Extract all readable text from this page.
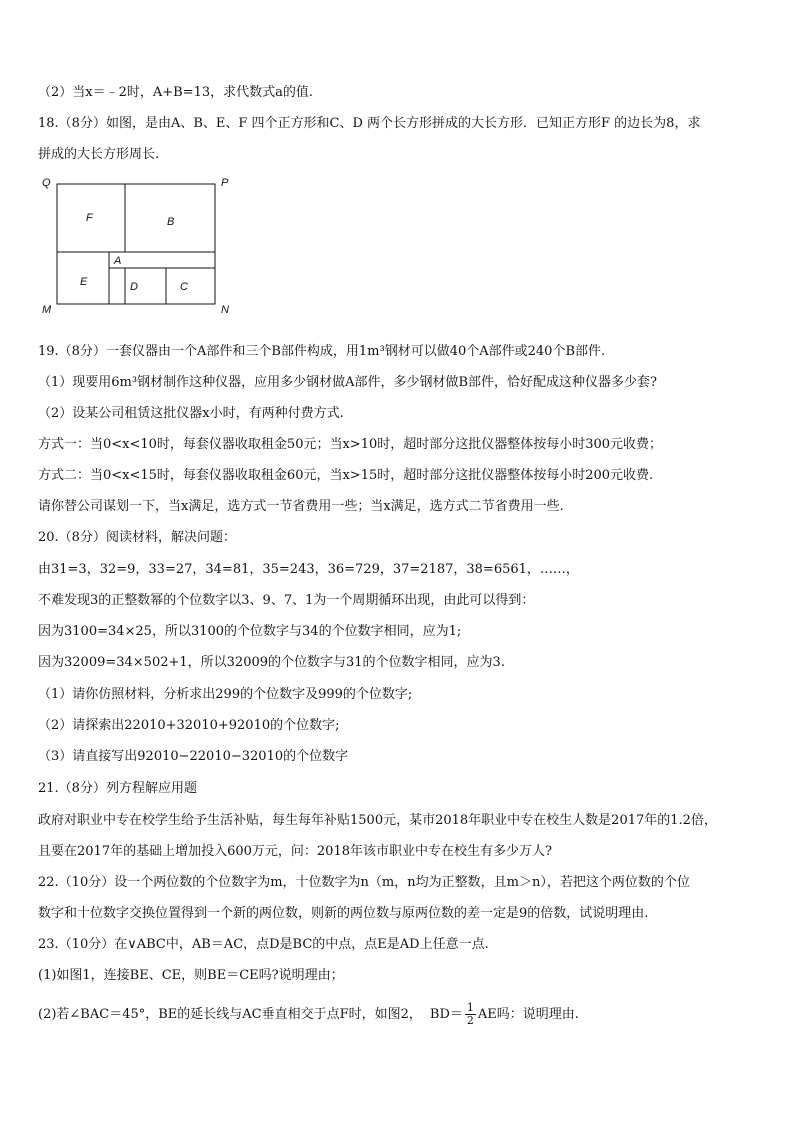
（2）当x＝﹣2时，A+B=13，求代数式a的值.
18.（8分）如图，是由A、B、E、F 四个正方形和C、D 两个长方形拼成的大长方形．已知正方形F 的边长为8，求
拼成的大长方形周长.
Q	P
M	N
F	B
A
E	D	C
19.（8分）一套仪器由一个A部件和三个B部件构成，用1m³钢材可以做40个A部件或240个B部件.
（1）现要用6m³钢材制作这种仪器，应用多少钢材做A部件，多少钢材做B部件，恰好配成这种仪器多少套?
（2）设某公司租赁这批仪器x小时，有两种付费方式.
方式一：当0<x<10时，每套仪器收取租金50元；当x>10时，超时部分这批仪器整体按每小时300元收费；
方式二：当0<x<15时，每套仪器收取租金60元，当x>15时，超时部分这批仪器整体按每小时200元收费.
请你替公司谋划一下，当x满足，选方式一节省费用一些；当x满足，选方式二节省费用一些.
20.（8分）阅读材料，解决问题：
由31=3，32=9，33=27，34=81，35=243，36=729，37=2187，38=6561，……，
不难发现3的正整数幂的个位数字以3、9、7、1为一个周期循环出现，由此可以得到：
因为3100=34×25，所以3100的个位数字与34的个位数字相同，应为1;
因为32009=34×502+1，所以32009的个位数字与31的个位数字相同，应为3.
（1）请你仿照材料，分析求出299的个位数字及999的个位数字;
（2）请探索出22010+32010+92010的个位数字;
（3）请直接写出92010−22010−32010的个位数字
21.（8分）列方程解应用题
政府对职业中专在校学生给予生活补贴，每生每年补贴1500元，某市2018年职业中专在校生人数是2017年的1.2倍，
且要在2017年的基础上增加投入600万元，问：2018年该市职业中专在校生有多少万人?
22.（10分）设一个两位数的个位数字为m，十位数字为n（m，n均为正整数，且m＞n），若把这个两位数的个位
数字和十位数字交换位置得到一个新的两位数，则新的两位数与原两位数的差一定是9的倍数，试说明理由.
23.（10分）在∨ABC中，AB＝AC，点D是BC的中点，点E是AD上任意一点.
(1)如图1，连接BE、CE，则BE＝CE吗?说明理由；
(2)若∠BAC＝45°，BE的延长线与AC垂直相交于点F时，如图2， $BD= \frac{1}{2}$ AE吗：说明理由.
